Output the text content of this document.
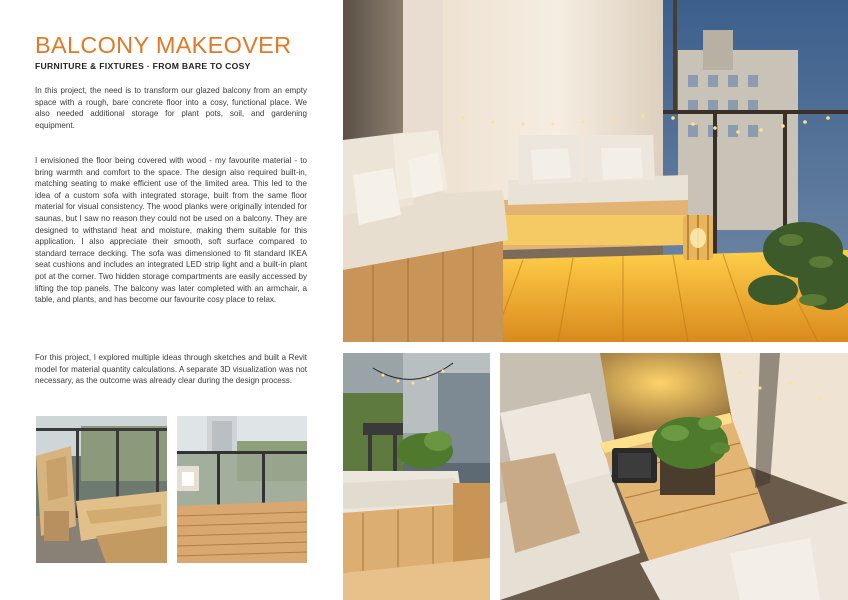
BALCONY MAKEOVER
FURNITURE & FIXTURES · FROM BARE TO COSY

In this project, the need is to transform our glazed balcony from an empty space with a rough, bare concrete floor into a cosy, functional place. We also needed additional storage for plant pots, soil, and gardening equipment.

I envisioned the floor being covered with wood - my favourite material - to bring warmth and comfort to the space. The design also required built-in, matching seating to make efficient use of the limited area. This led to the idea of a custom sofa with integrated storage, built from the same floor material for visual consistency. The wood planks were originally intended for saunas, but I saw no reason they could not be used on a balcony. They are designed to withstand heat and moisture, making them suitable for this application. I also appreciate their smooth, soft surface compared to standard terrace decking. The sofa was dimensioned to fit standard IKEA seat cushions and includes an integrated LED strip light and a built-in plant pot at the corner. Two hidden storage compartments are easily accessed by lifting the top panels. The balcony was later completed with an armchair, a table, and plants, and has become our favourite cosy place to relax.

For this project, I explored multiple ideas through sketches and built a Revit model for material quantity calculations. A separate 3D visualization was not necessary, as the outcome was already clear during the design process.
